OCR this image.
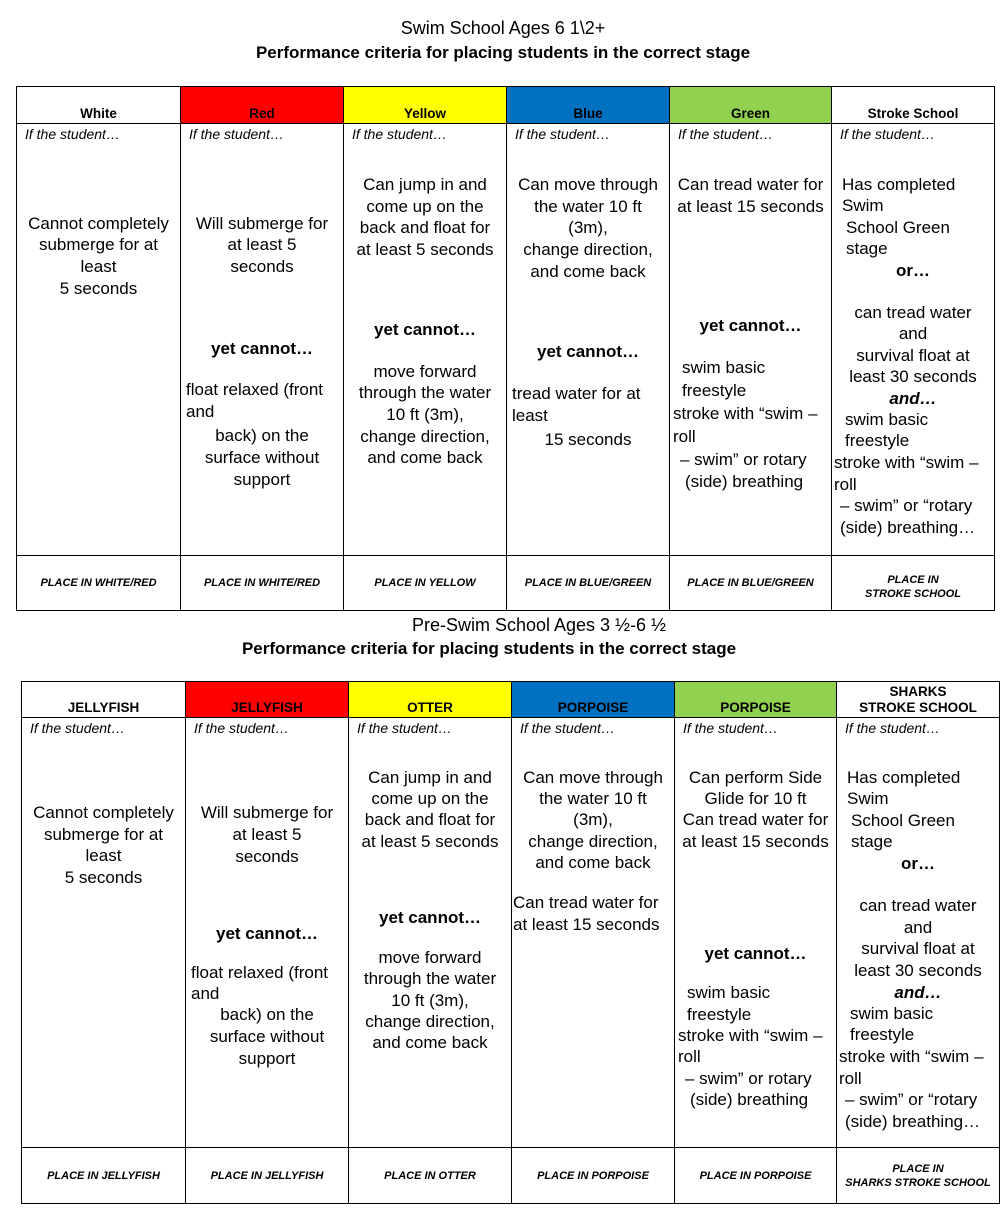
Swim School Ages 6 1\2+
Performance criteria for placing students in the correct stage
White	Red	Yellow	Blue	Green	Stroke School
If the student…
Cannot completely
submerge for at
least
5 seconds
If the student…
Will submerge for
at least 5
seconds
yet cannot…
float relaxed (front
and
back) on the
surface without
support
If the student…
Can jump in and
come up on the
back and float for
at least 5 seconds
yet cannot…
move forward
through the water
10 ft (3m),
change direction,
and come back
If the student…
Can move through
the water 10 ft
(3m),
change direction,
and come back
yet cannot…
tread water for at
least
15 seconds
If the student…
Can tread water for
at least 15 seconds
yet cannot…
swim basic
freestyle
stroke with “swim –
roll
– swim” or rotary
(side) breathing
If the student…
Has completed
Swim
School Green
stage
or…
can tread water
and
survival float at
least 30 seconds
and…
swim basic
freestyle
stroke with “swim –
roll
– swim” or “rotary
(side) breathing…
PLACE IN WHITE/RED	PLACE IN WHITE/RED	PLACE IN YELLOW	PLACE IN BLUE/GREEN	PLACE IN BLUE/GREEN	PLACE IN
STROKE SCHOOL
Pre-Swim School Ages 3 ½-6 ½
Performance criteria for placing students in the correct stage
JELLYFISH	JELLYFISH	OTTER	PORPOISE	PORPOISE
SHARKS
STROKE SCHOOL
If the student…
Cannot completely
submerge for at
least
5 seconds
If the student…
Will submerge for
at least 5
seconds
yet cannot…
float relaxed (front
and
back) on the
surface without
support
If the student…
Can jump in and
come up on the
back and float for
at least 5 seconds
yet cannot…
move forward
through the water
10 ft (3m),
change direction,
and come back
If the student…
Can move through
the water 10 ft
(3m),
change direction,
and come back
Can tread water for
at least 15 seconds
If the student…
Can perform Side
Glide for 10 ft
Can tread water for
at least 15 seconds
yet cannot…
swim basic
freestyle
stroke with “swim –
roll
– swim” or rotary
(side) breathing
If the student…
Has completed
Swim
School Green
stage
or…
can tread water
and
survival float at
least 30 seconds
and…
swim basic
freestyle
stroke with “swim –
roll
– swim” or “rotary
(side) breathing…
PLACE IN JELLYFISH	PLACE IN JELLYFISH	PLACE IN OTTER	PLACE IN PORPOISE	PLACE IN PORPOISE
PLACE IN
SHARKS STROKE SCHOOL
